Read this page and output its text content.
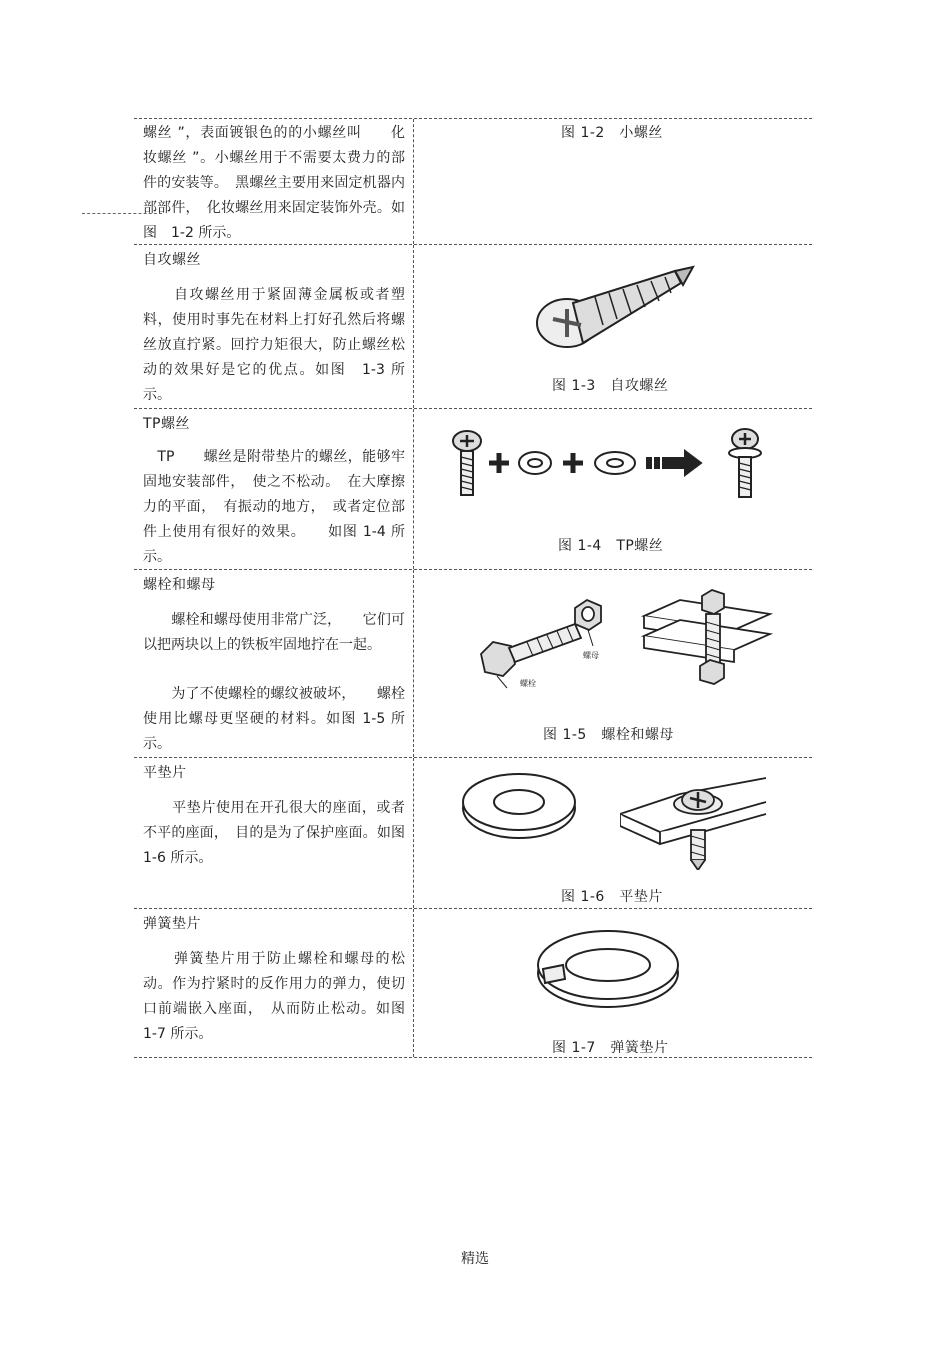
螺丝 ”，表面镀银色的的小螺丝叫　　化妆螺丝 ”。小螺丝用于不需要太费力的部件的安装等。　黑螺丝主要用来固定机器内部部件，　化妆螺丝用来固定装饰外壳。如图　1-2 所示。
图 1-2　小螺丝
自攻螺丝
　　自攻螺丝用于紧固薄金属板或者塑料，使用时事先在材料上打好孔然后将螺丝放直拧紧。回拧力矩很大，防止螺丝松动的效果好是它的优点。如图　1-3 所示。
图 1-3　自攻螺丝
TP螺丝
　TP　　螺丝是附带垫片的螺丝，能够牢固地安装部件，　使之不松动。　在大摩擦力的平面，　有振动的地方，　或者定位部件上使用有很好的效果。　　如图 1-4 所示。
图 1-4　TP螺丝
螺栓和螺母
　　螺栓和螺母使用非常广泛，　　它们可以把两块以上的铁板牢固地拧在一起。
　　为了不使螺栓的螺纹被破坏，　　螺栓使用比螺母更坚硬的材料。如图 1-5 所示。
螺栓
螺母
图 1-5　螺栓和螺母
平垫片
　　平垫片使用在开孔很大的座面，或者不平的座面，　目的是为了保护座面。如图　1-6 所示。
图 1-6　平垫片
弹簧垫片
　　弹簧垫片用于防止螺栓和螺母的松动。作为拧紧时的反作用力的弹力，使切口前端嵌入座面，　从而防止松动。如图　1-7 所示。
图 1-7　弹簧垫片
精选
